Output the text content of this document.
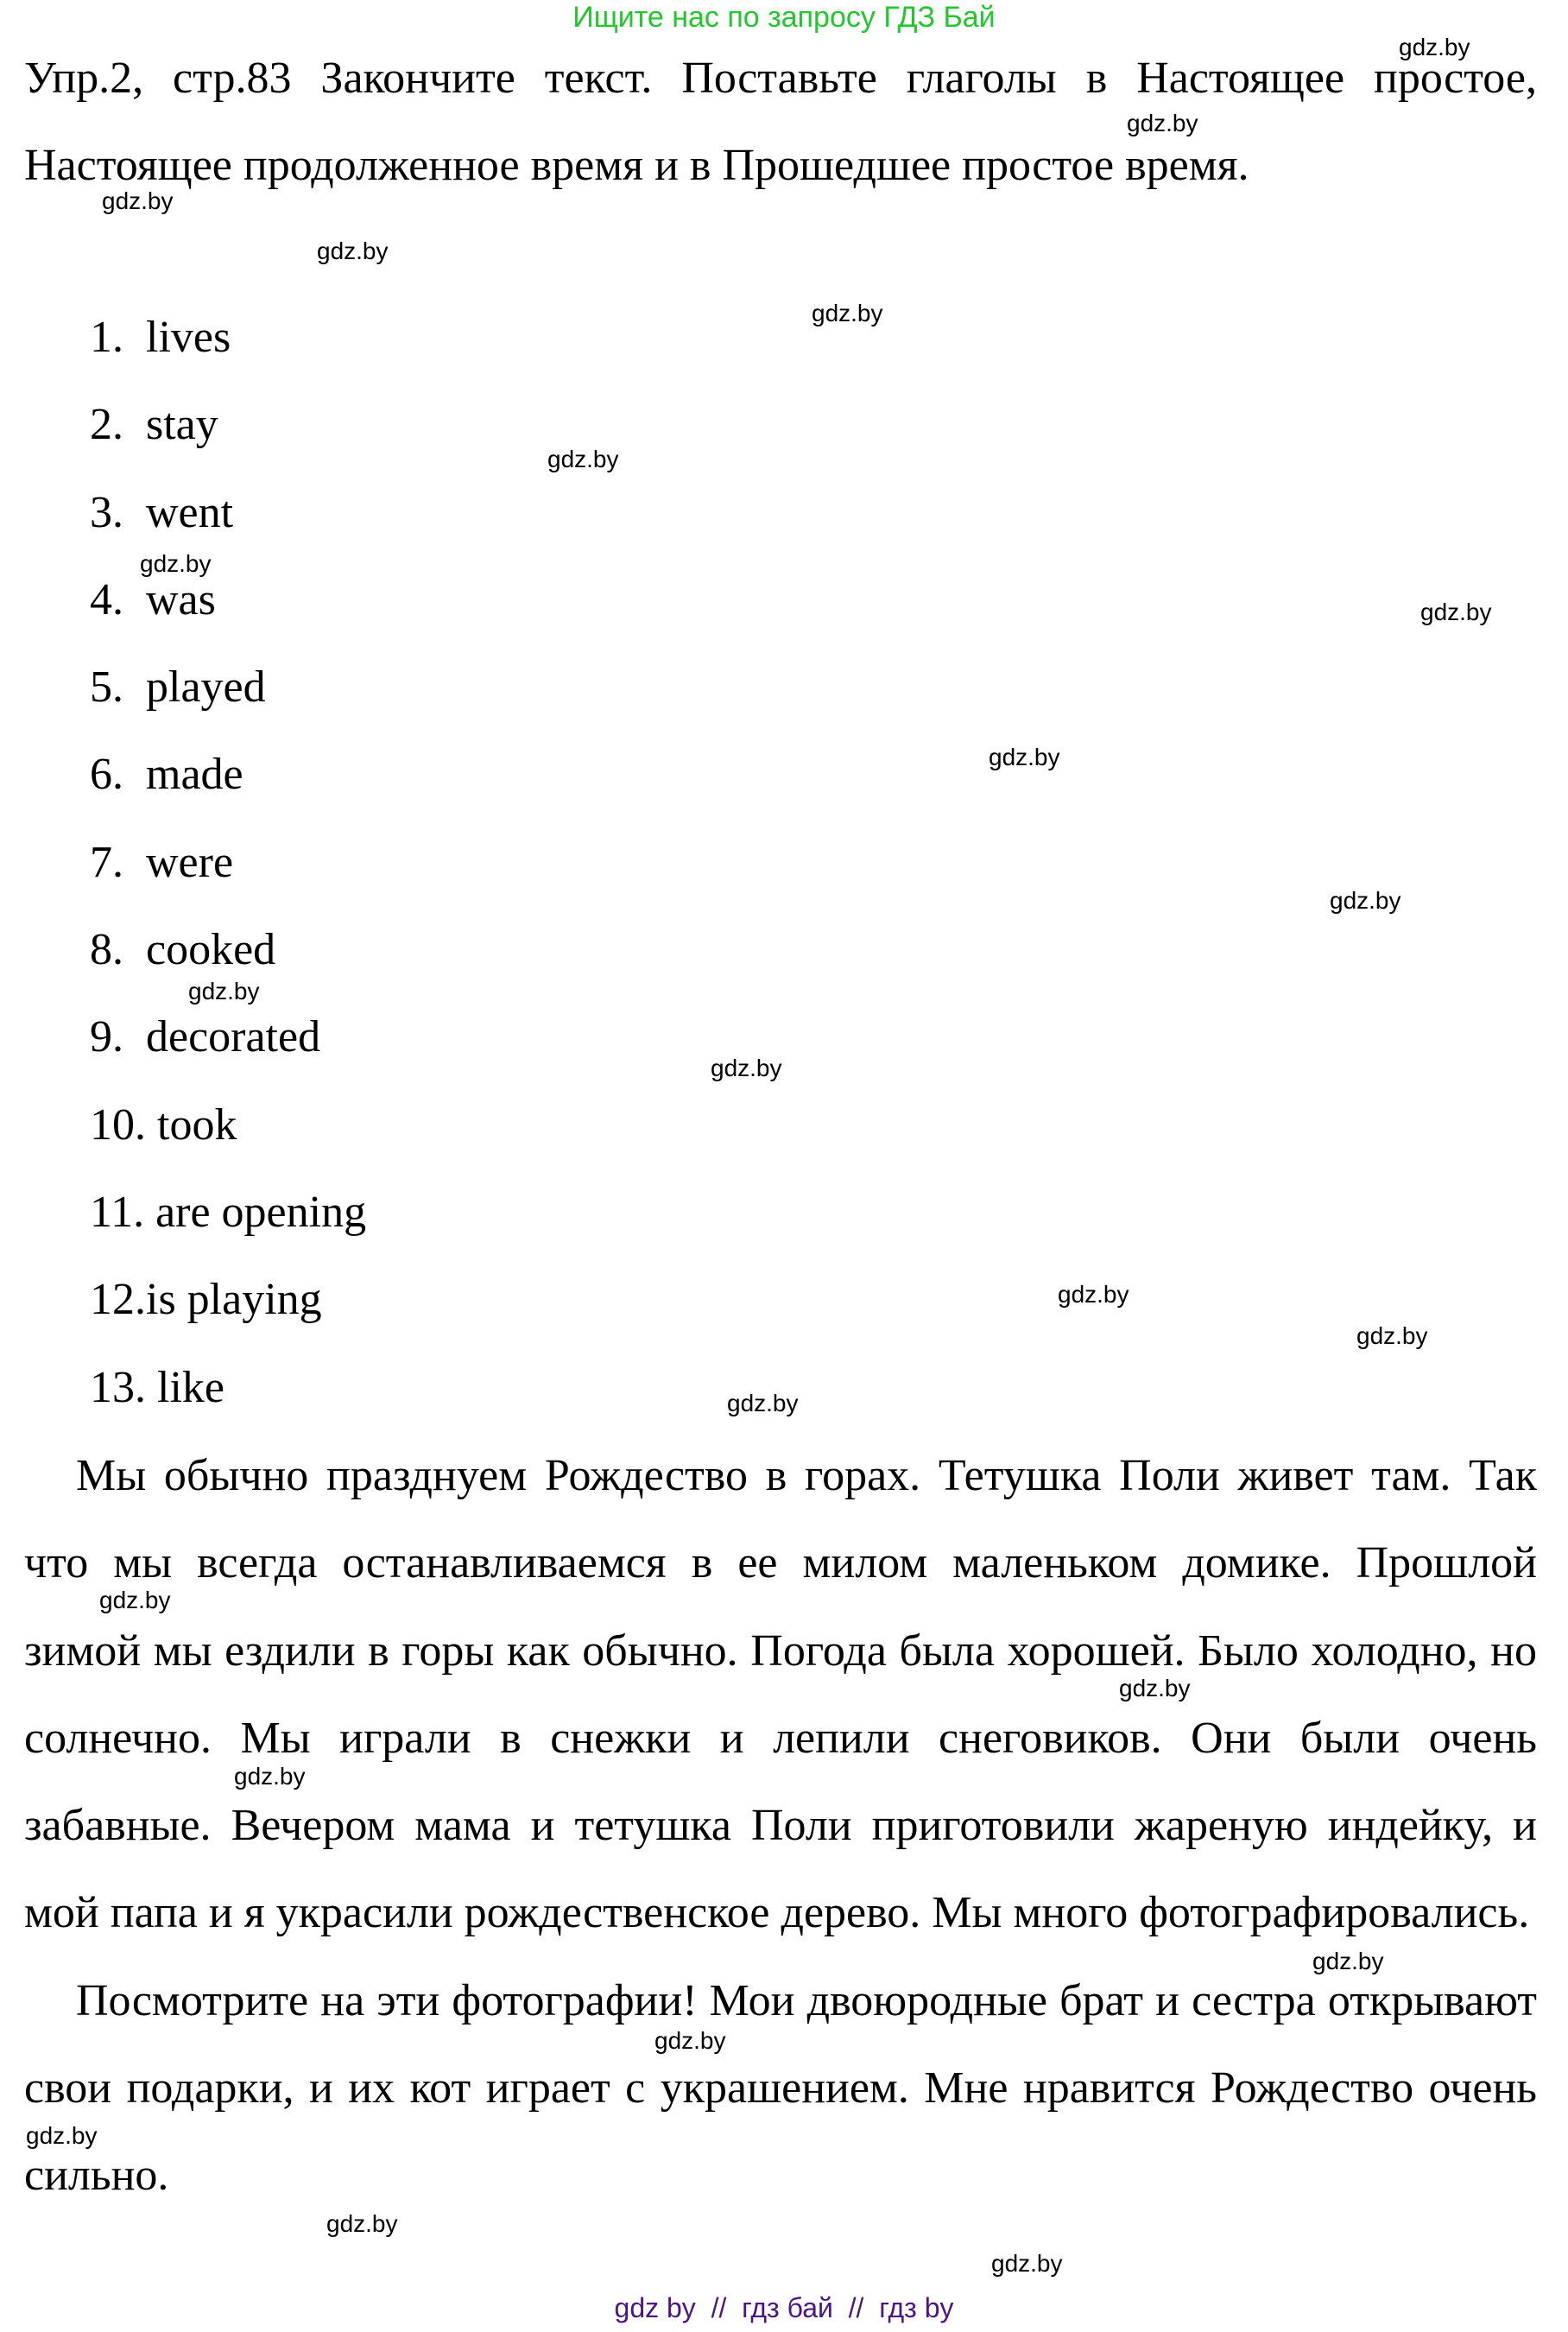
Ищите нас по запросу ГДЗ Бай
Упр.2, стр.83 Закончите текст. Поставьте глаголы в Настоящее простое, Настоящее продолженное время и в Прошедшее простое время.
1.  lives
2.  stay
3.  went
4.  was
5.  played
6.  made
7.  were
8.  cooked
9.  decorated
10. took
11. are opening
12.is playing
13. like

Мы обычно празднуем Рождество в горах. Тетушка Поли живет там. Так что мы всегда останавливаемся в ее милом маленьком домике. Прошлой зимой мы ездили в горы как обычно. Погода была хорошей. Было холодно, но солнечно. Мы играли в снежки и лепили снеговиков. Они были очень забавные. Вечером мама и тетушка Поли приготовили жареную индейку, и мой папа и я украсили рождественское дерево. Мы много фотографировались.

Посмотрите на эти фотографии! Мои двоюродные брат и сестра открывают свои подарки, и их кот играет с украшением. Мне нравится Рождество очень сильно.

gdz.by
gdz.by
gdz.by
gdz.by
gdz.by
gdz.by
gdz.by
gdz.by
gdz.by
gdz.by
gdz.by
gdz.by
gdz.by
gdz.by
gdz.by
gdz.by
gdz.by
gdz.by
gdz.by
gdz.by
gdz.by
gdz.by
gdz.by
gdz by  //  гдз бай  //  гдз by
